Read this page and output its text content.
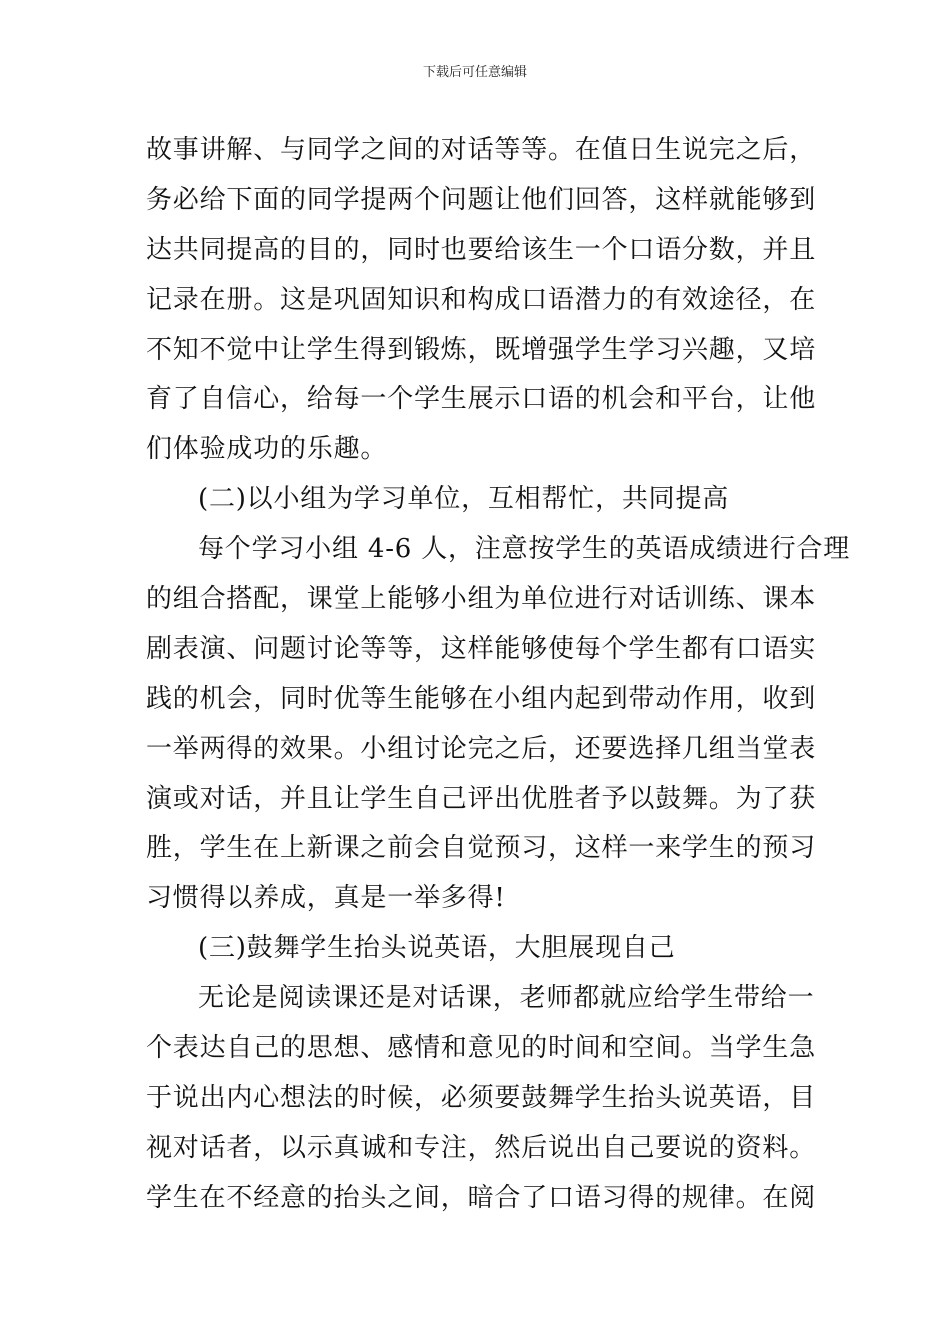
下载后可任意编辑
故事讲解、与同学之间的对话等等。在值日生说完之后，
务必给下面的同学提两个问题让他们回答，这样就能够到
达共同提高的目的，同时也要给该生一个口语分数，并且
记录在册。这是巩固知识和构成口语潜力的有效途径，在
不知不觉中让学生得到锻炼，既增强学生学习兴趣，又培
育了自信心，给每一个学生展示口语的机会和平台，让他
们体验成功的乐趣。
(二)以小组为学习单位，互相帮忙，共同提高
每个学习小组 4-6 人，注意按学生的英语成绩进行合理
的组合搭配，课堂上能够小组为单位进行对话训练、课本
剧表演、问题讨论等等，这样能够使每个学生都有口语实
践的机会，同时优等生能够在小组内起到带动作用，收到
一举两得的效果。小组讨论完之后，还要选择几组当堂表
演或对话，并且让学生自己评出优胜者予以鼓舞。为了获
胜，学生在上新课之前会自觉预习，这样一来学生的预习
习惯得以养成，真是一举多得!
(三)鼓舞学生抬头说英语，大胆展现自己
无论是阅读课还是对话课，老师都就应给学生带给一
个表达自己的思想、感情和意见的时间和空间。当学生急
于说出内心想法的时候，必须要鼓舞学生抬头说英语，目
视对话者，以示真诚和专注，然后说出自己要说的资料。
学生在不经意的抬头之间，暗合了口语习得的规律。在阅
